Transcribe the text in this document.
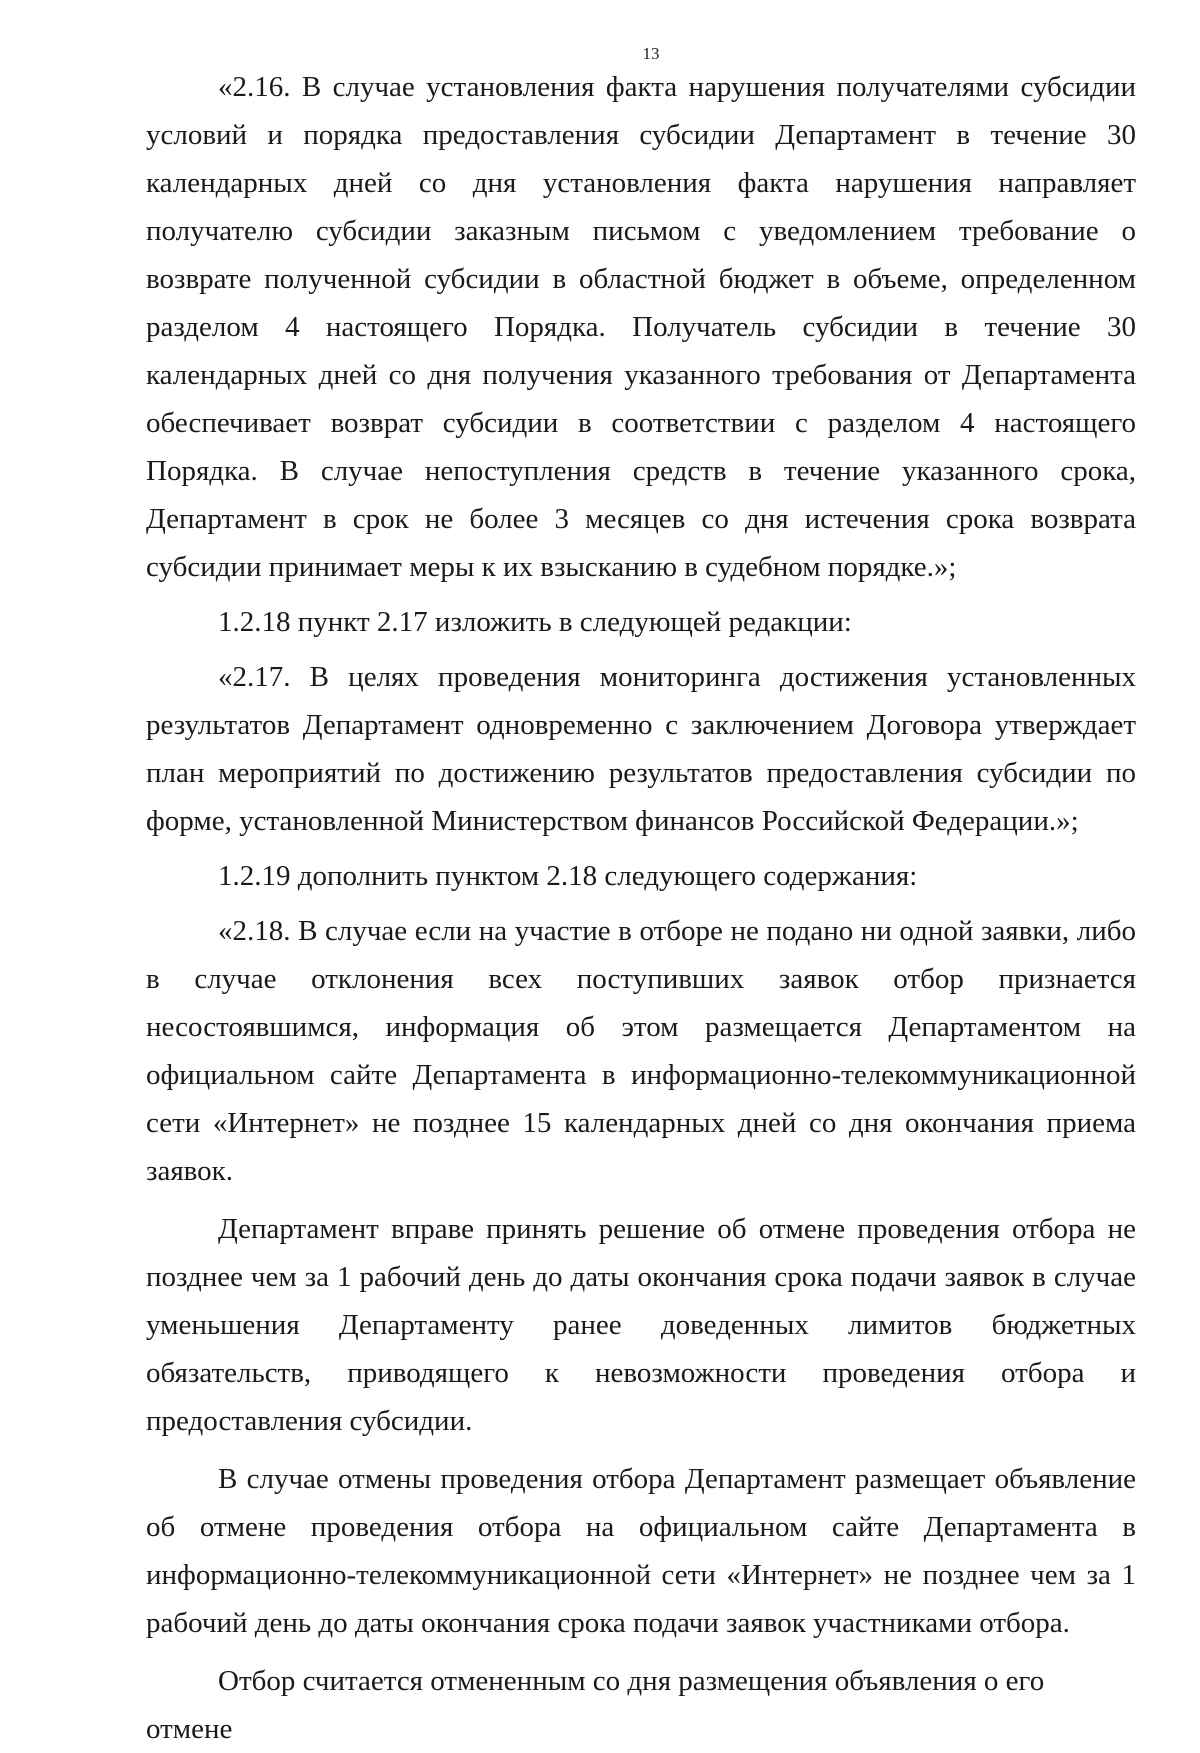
13

«2.16. В случае установления факта нарушения получателями субсидии условий и порядка предоставления субсидии Департамент в течение 30 календарных дней со дня установления факта нарушения направляет получателю субсидии заказным письмом с уведомлением требование о возврате полученной субсидии в областной бюджет в объеме, определенном разделом 4 настоящего Порядка. Получатель субсидии в течение 30 календарных дней со дня получения указанного требования от Департамента обеспечивает возврат субсидии в соответствии с разделом 4 настоящего Порядка. В случае непоступления средств в течение указанного срока, Департамент в срок не более 3 месяцев со дня истечения срока возврата субсидии принимает меры к их взысканию в судебном порядке.»;

1.2.18 пункт 2.17 изложить в следующей редакции:

«2.17. В целях проведения мониторинга достижения установленных результатов Департамент одновременно с заключением Договора утверждает план мероприятий по достижению результатов предоставления субсидии по форме, установленной Министерством финансов Российской Федерации.»;

1.2.19 дополнить пунктом 2.18 следующего содержания:

«2.18. В случае если на участие в отборе не подано ни одной заявки, либо в случае отклонения всех поступивших заявок отбор признается несостоявшимся, информация об этом размещается Департаментом на официальном сайте Департамента в информационно-телекоммуникационной сети «Интернет» не позднее 15 календарных дней со дня окончания приема заявок.

Департамент вправе принять решение об отмене проведения отбора не позднее чем за 1 рабочий день до даты окончания срока подачи заявок в случае уменьшения Департаменту ранее доведенных лимитов бюджетных обязательств, приводящего к невозможности проведения отбора и предоставления субсидии.

В случае отмены проведения отбора Департамент размещает объявление об отмене проведения отбора на официальном сайте Департамента в информационно-телекоммуникационной сети «Интернет» не позднее чем за 1 рабочий день до даты окончания срока подачи заявок участниками отбора.

Отбор считается отмененным со дня размещения объявления о его отмене
